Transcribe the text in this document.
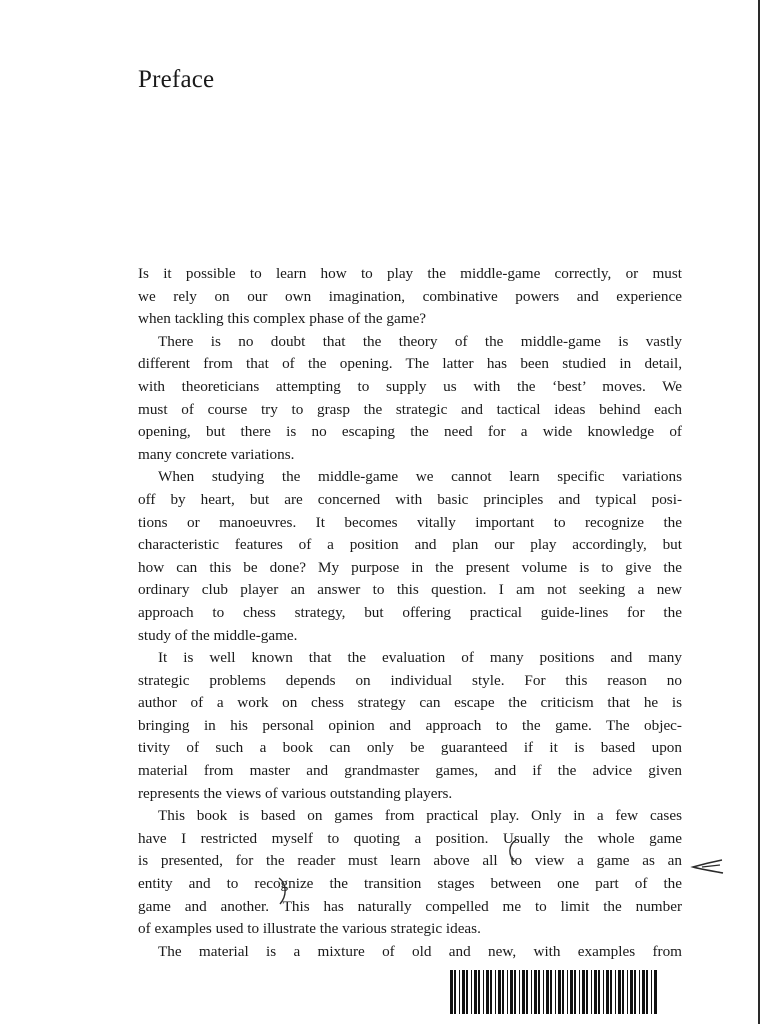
Preface
Is it possible to learn how to play the middle-game correctly, or must
we rely on our own imagination, combinative powers and experience
when tackling this complex phase of the game?
There is no doubt that the theory of the middle-game is vastly
different from that of the opening. The latter has been studied in detail,
with theoreticians attempting to supply us with the ‘best’ moves. We
must of course try to grasp the strategic and tactical ideas behind each
opening, but there is no escaping the need for a wide knowledge of
many concrete variations.
When studying the middle-game we cannot learn specific variations
off by heart, but are concerned with basic principles and typical posi-
tions or manoeuvres. It becomes vitally important to recognize the
characteristic features of a position and plan our play accordingly, but
how can this be done? My purpose in the present volume is to give the
ordinary club player an answer to this question. I am not seeking a new
approach to chess strategy, but offering practical guide-lines for the
study of the middle-game.
It is well known that the evaluation of many positions and many
strategic problems depends on individual style. For this reason no
author of a work on chess strategy can escape the criticism that he is
bringing in his personal opinion and approach to the game. The objec-
tivity of such a book can only be guaranteed if it is based upon
material from master and grandmaster games, and if the advice given
represents the views of various outstanding players.
This book is based on games from practical play. Only in a few cases
have I restricted myself to quoting a position. Usually the whole game
is presented, for the reader must learn above all to view a game as an
entity and to recognize the transition stages between one part of the
game and another. This has naturally compelled me to limit the number
of examples used to illustrate the various strategic ideas.
The material is a mixture of old and new, with examples from
